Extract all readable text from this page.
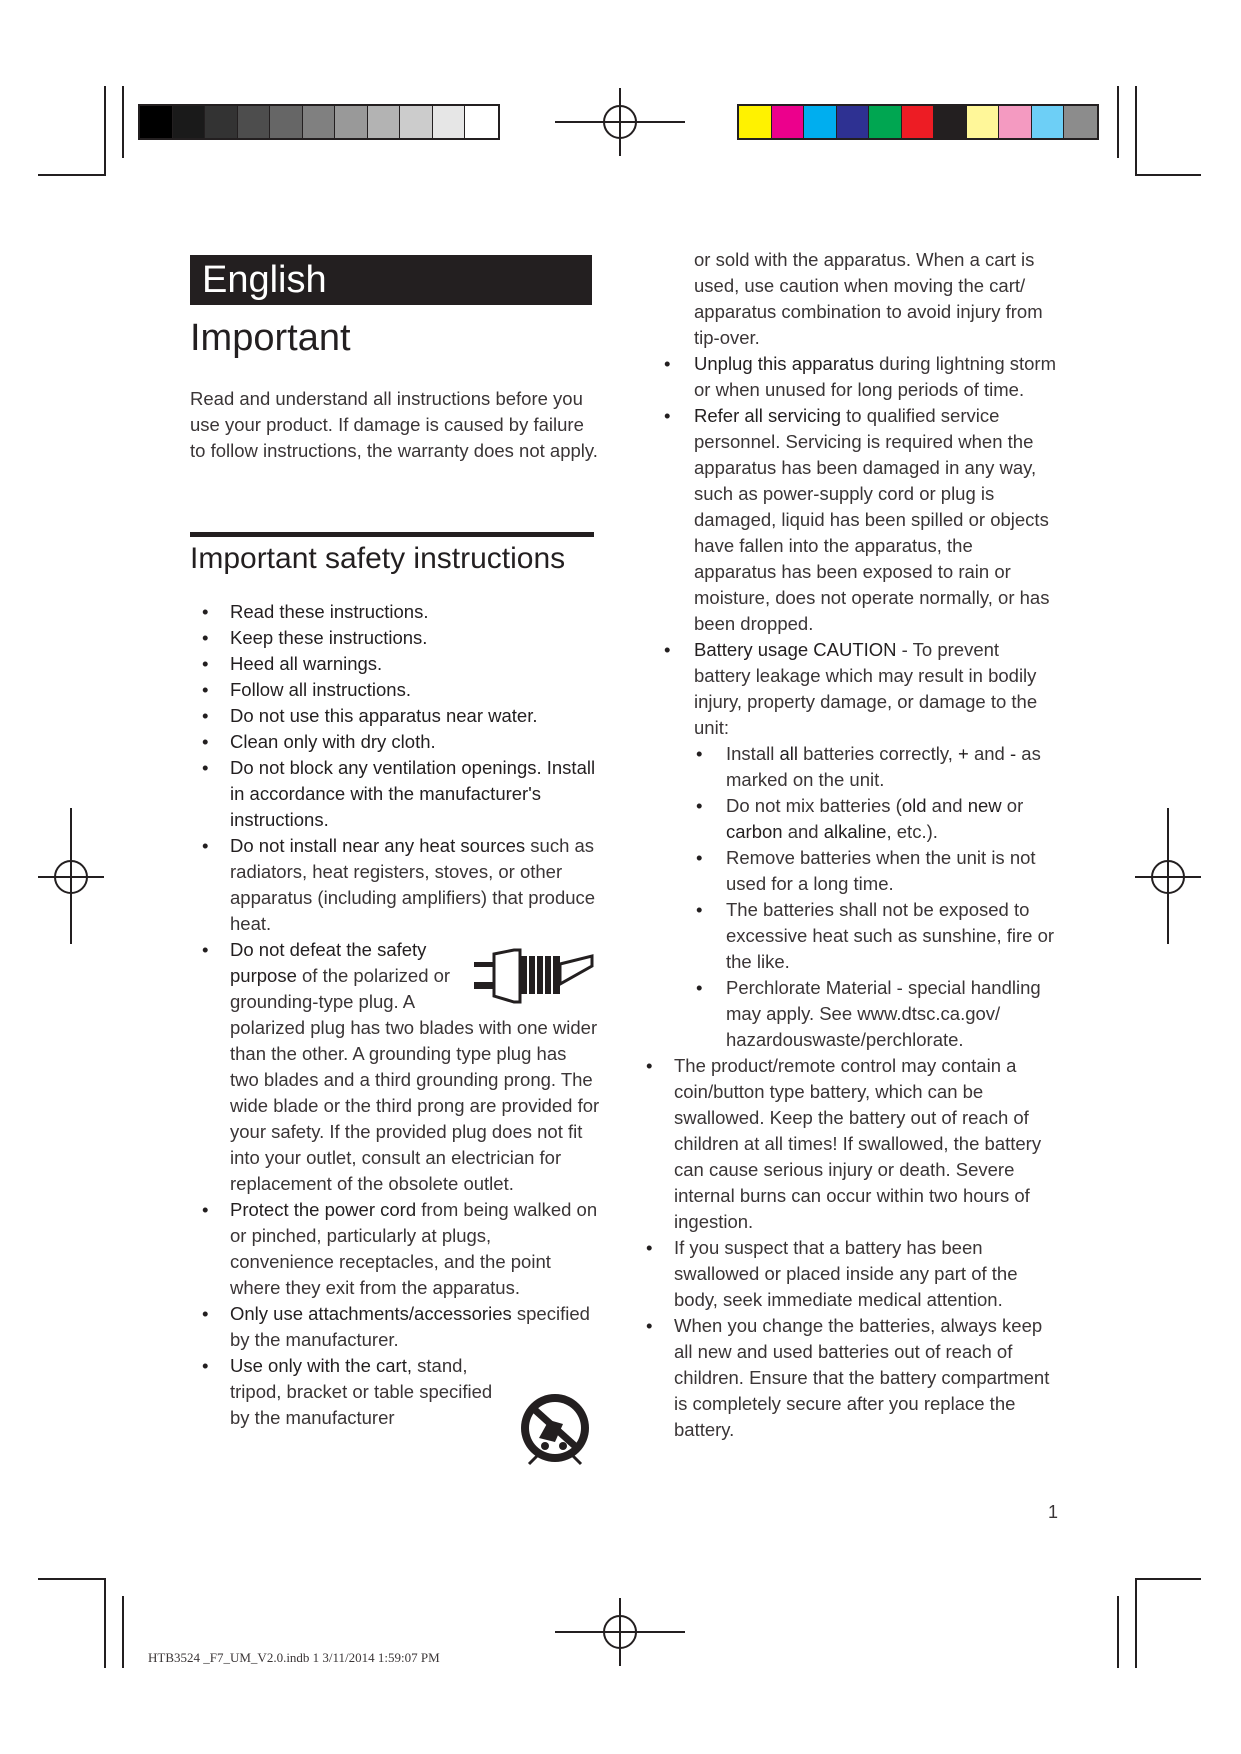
English
Important
Read and understand all instructions before you use your product. If damage is caused by failure to follow instructions, the warranty does not apply.
Important safety instructions
• Read these instructions.
• Keep these instructions.
• Heed all warnings.
• Follow all instructions.
• Do not use this apparatus near water.
• Clean only with dry cloth.
• Do not block any ventilation openings. Install in accordance with the manufacturer's instructions.
• Do not install near any heat sources such as radiators, heat registers, stoves, or other apparatus (including amplifiers) that produce heat.
• Do not defeat the safety purpose of the polarized or grounding-type plug. A polarized plug has two blades with one wider than the other. A grounding type plug has two blades and a third grounding prong. The wide blade or the third prong are provided for your safety. If the provided plug does not fit into your outlet, consult an electrician for replacement of the obsolete outlet.
• Protect the power cord from being walked on or pinched, particularly at plugs, convenience receptacles, and the point where they exit from the apparatus.
• Only use attachments/accessories specified by the manufacturer.
• Use only with the cart, stand, tripod, bracket or table specified by the manufacturer
or sold with the apparatus. When a cart is used, use caution when moving the cart/ apparatus combination to avoid injury from tip-over.
• Unplug this apparatus during lightning storm or when unused for long periods of time.
• Refer all servicing to qualified service personnel. Servicing is required when the apparatus has been damaged in any way, such as power-supply cord or plug is damaged, liquid has been spilled or objects have fallen into the apparatus, the apparatus has been exposed to rain or moisture, does not operate normally, or has been dropped.
• Battery usage CAUTION - To prevent battery leakage which may result in bodily injury, property damage, or damage to the unit:
• Install all batteries correctly, + and - as marked on the unit.
• Do not mix batteries (old and new or carbon and alkaline, etc.).
• Remove batteries when the unit is not used for a long time.
• The batteries shall not be exposed to excessive heat such as sunshine, fire or the like.
• Perchlorate Material - special handling may apply. See www.dtsc.ca.gov/ hazardouswaste/perchlorate.
• The product/remote control may contain a coin/button type battery, which can be swallowed. Keep the battery out of reach of children at all times! If swallowed, the battery can cause serious injury or death. Severe internal burns can occur within two hours of ingestion.
• If you suspect that a battery has been swallowed or placed inside any part of the body, seek immediate medical attention.
• When you change the batteries, always keep all new and used batteries out of reach of children. Ensure that the battery compartment is completely secure after you replace the battery.
1
HTB3524 _F7_UM_V2.0.indb 1 3/11/2014 1:59:07 PM
